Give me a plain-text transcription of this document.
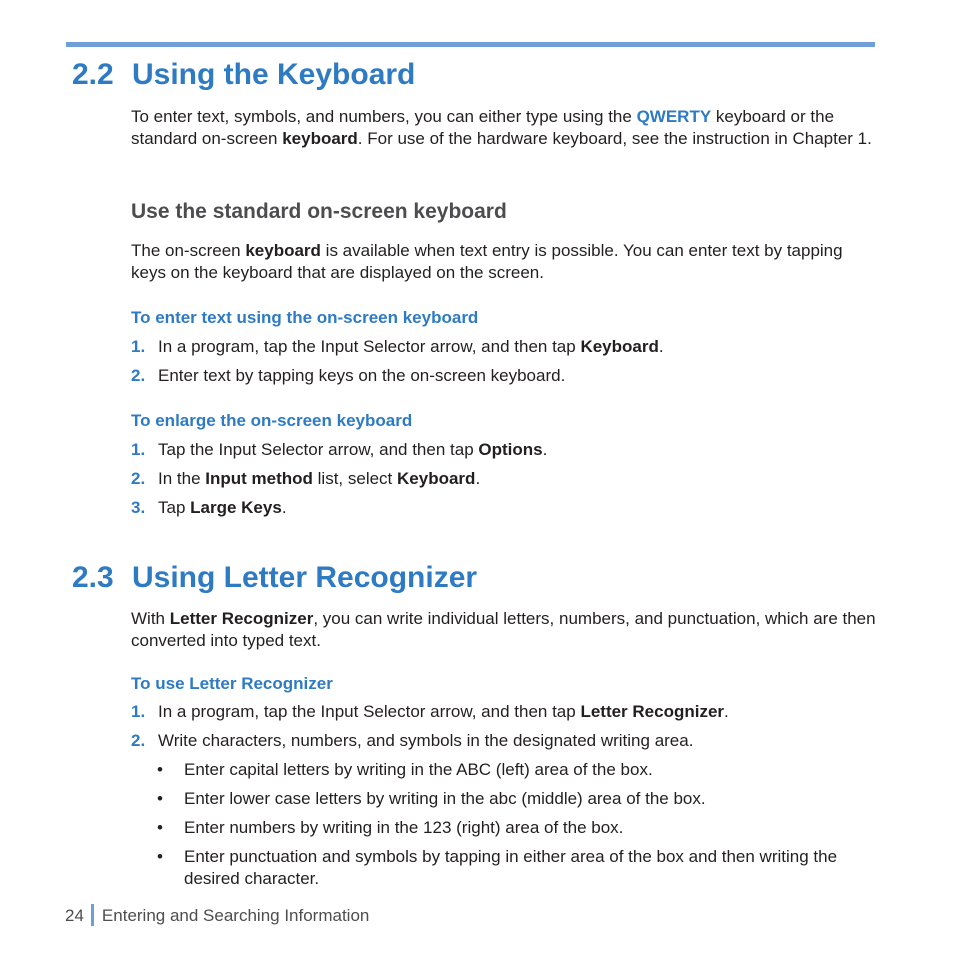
2.2 Using the Keyboard
To enter text, symbols, and numbers, you can either type using the QWERTY keyboard or the standard on-screen keyboard. For use of the hardware keyboard, see the instruction in Chapter 1.
Use the standard on-screen keyboard
The on-screen keyboard is available when text entry is possible. You can enter text by tapping keys on the keyboard that are displayed on the screen.
To enter text using the on-screen keyboard
1. In a program, tap the Input Selector arrow, and then tap Keyboard.
2. Enter text by tapping keys on the on-screen keyboard.
To enlarge the on-screen keyboard
1. Tap the Input Selector arrow, and then tap Options.
2. In the Input method list, select Keyboard.
3. Tap Large Keys.
2.3 Using Letter Recognizer
With Letter Recognizer, you can write individual letters, numbers, and punctuation, which are then converted into typed text.
To use Letter Recognizer
1. In a program, tap the Input Selector arrow, and then tap Letter Recognizer.
2. Write characters, numbers, and symbols in the designated writing area.
• Enter capital letters by writing in the ABC (left) area of the box.
• Enter lower case letters by writing in the abc (middle) area of the box.
• Enter numbers by writing in the 123 (right) area of the box.
• Enter punctuation and symbols by tapping in either area of the box and then writing the desired character.
24 Entering and Searching Information
